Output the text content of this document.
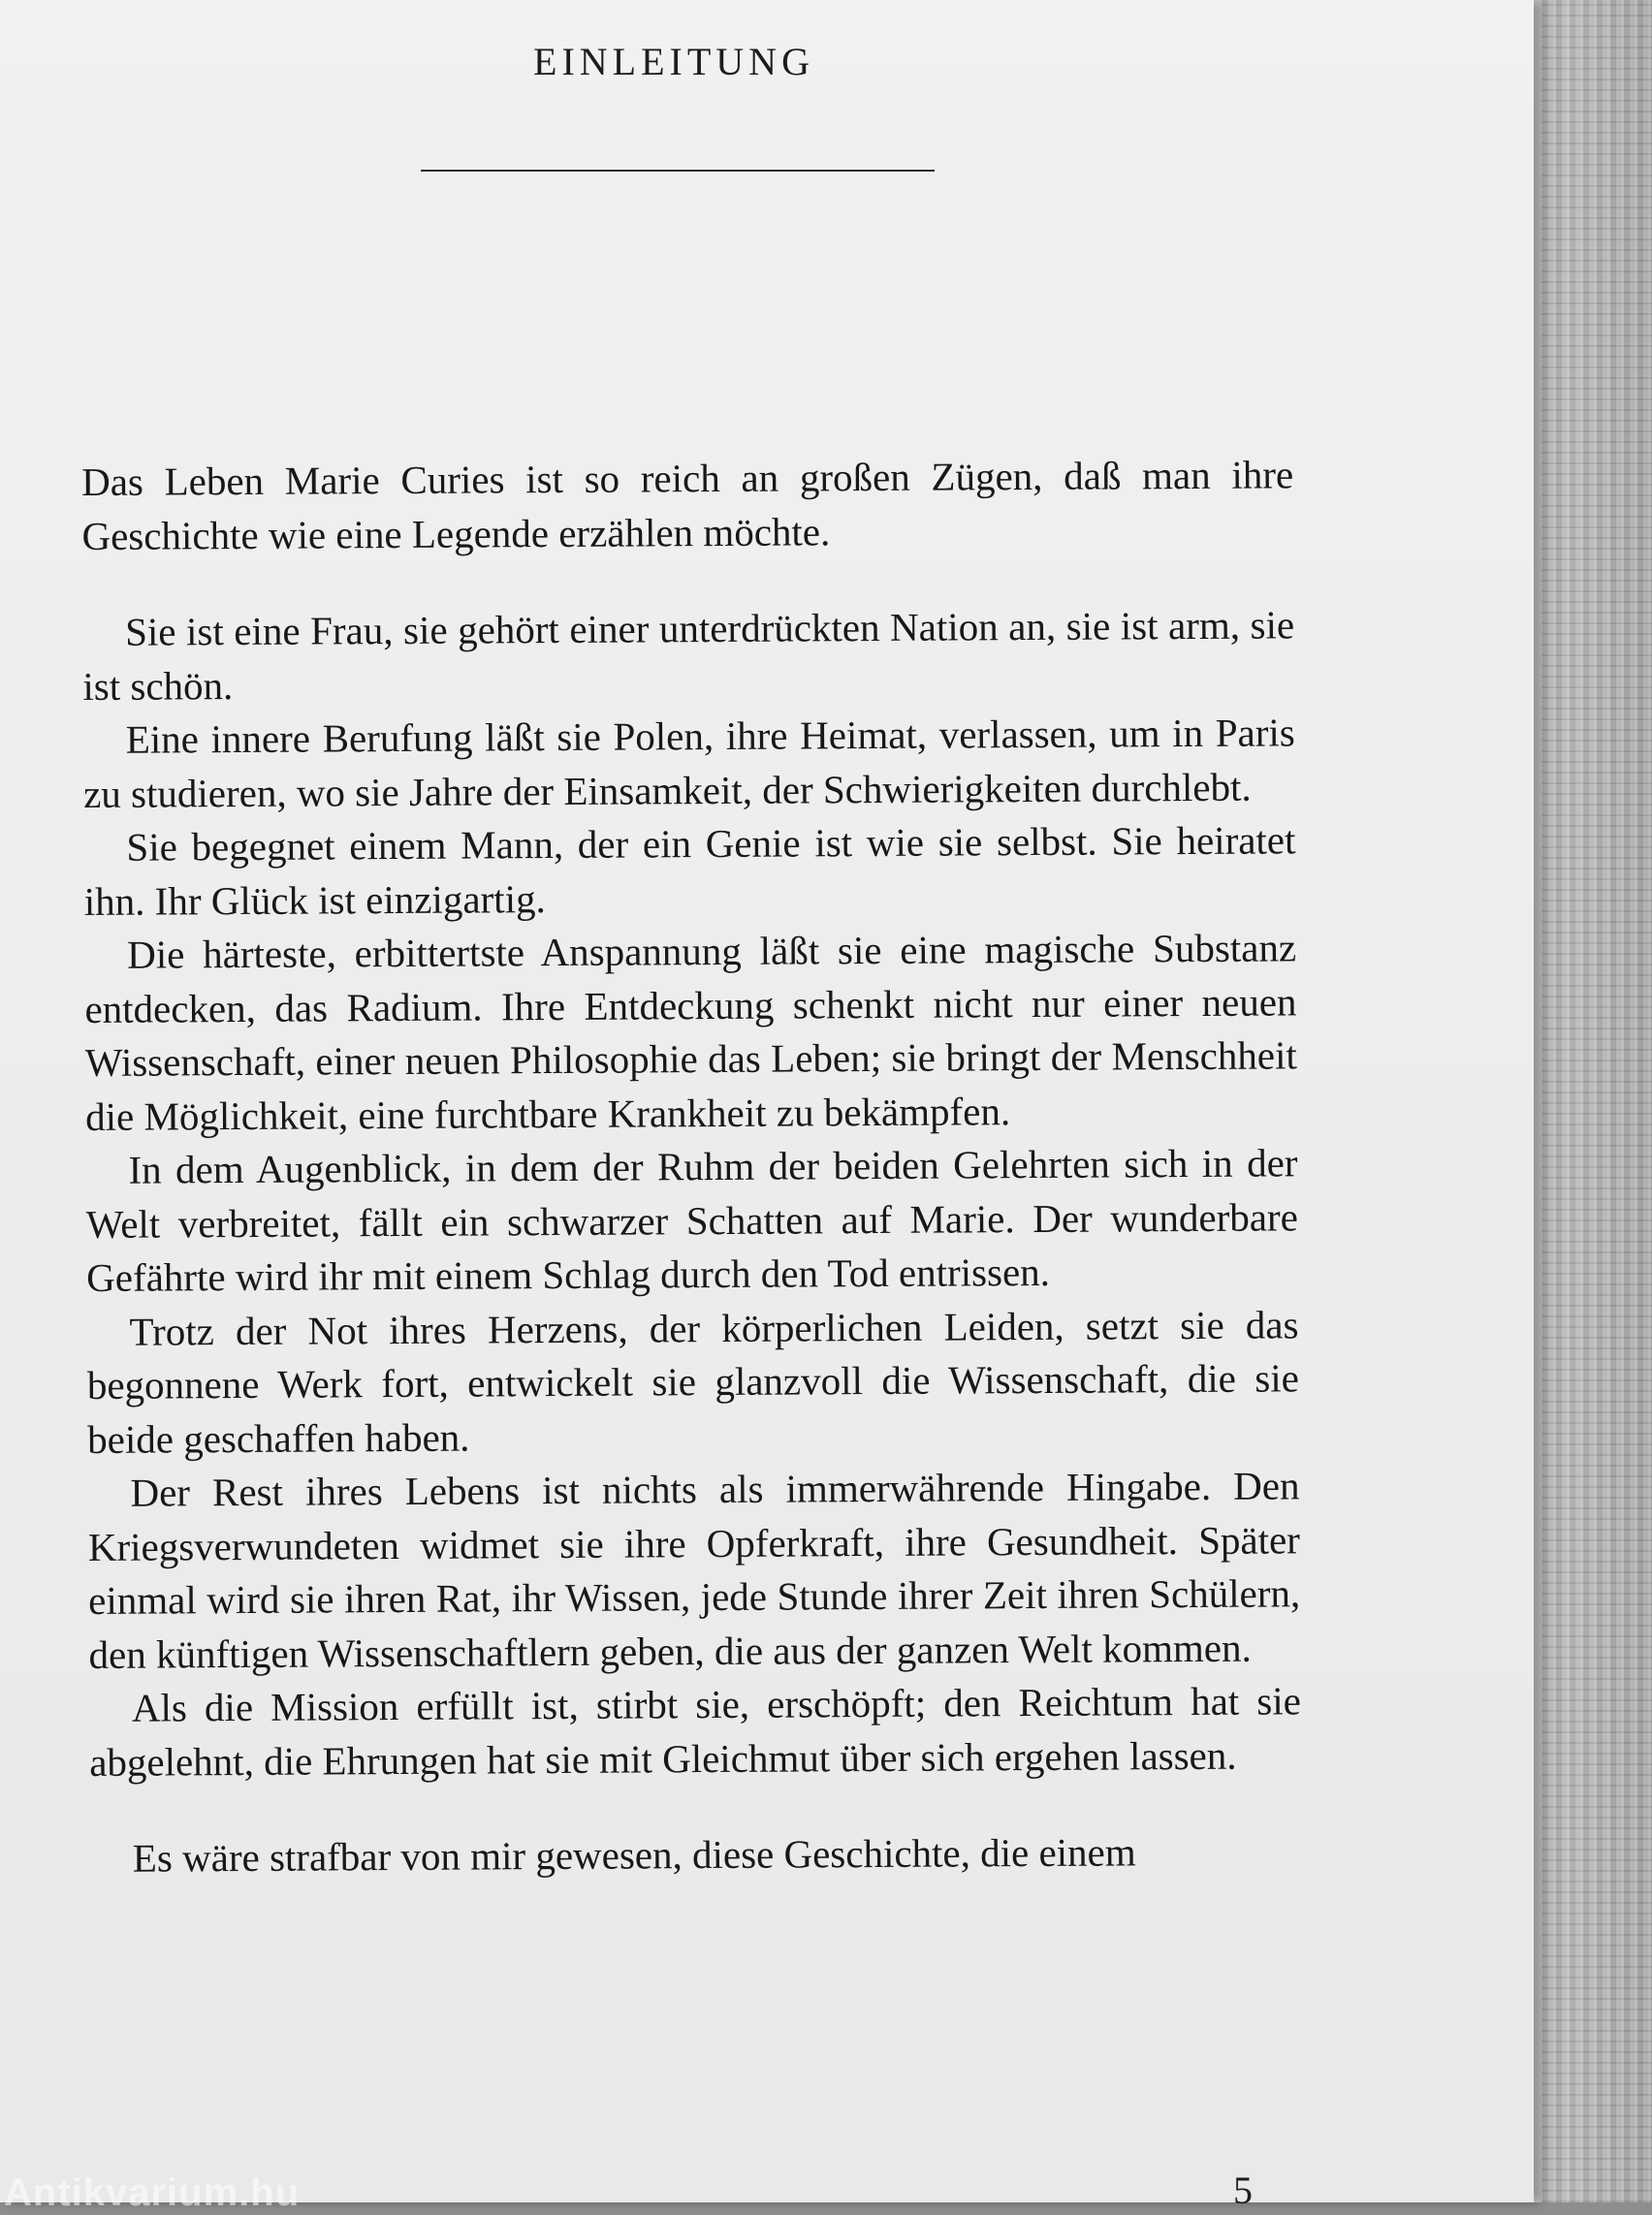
EINLEITUNG

Das Leben Marie Curies ist so reich an großen Zügen, daß man ihre Geschichte wie eine Legende erzählen möchte.

Sie ist eine Frau, sie gehört einer unterdrückten Nation an, sie ist arm, sie ist schön.

Eine innere Berufung läßt sie Polen, ihre Heimat, verlassen, um in Paris zu studieren, wo sie Jahre der Einsamkeit, der Schwierigkeiten durchlebt.

Sie begegnet einem Mann, der ein Genie ist wie sie selbst. Sie heiratet ihn. Ihr Glück ist einzigartig.

Die härteste, erbittertste Anspannung läßt sie eine magische Substanz entdecken, das Radium. Ihre Entdeckung schenkt nicht nur einer neuen Wissenschaft, einer neuen Philosophie das Leben; sie bringt der Menschheit die Möglichkeit, eine furchtbare Krankheit zu bekämpfen.

In dem Augenblick, in dem der Ruhm der beiden Gelehrten sich in der Welt verbreitet, fällt ein schwarzer Schatten auf Marie. Der wunderbare Gefährte wird ihr mit einem Schlag durch den Tod entrissen.

Trotz der Not ihres Herzens, der körperlichen Leiden, setzt sie das begonnene Werk fort, entwickelt sie glanzvoll die Wissenschaft, die sie beide geschaffen haben.

Der Rest ihres Lebens ist nichts als immerwährende Hingabe. Den Kriegsverwundeten widmet sie ihre Opferkraft, ihre Gesundheit. Später einmal wird sie ihren Rat, ihr Wissen, jede Stunde ihrer Zeit ihren Schülern, den künftigen Wissenschaftlern geben, die aus der ganzen Welt kommen.

Als die Mission erfüllt ist, stirbt sie, erschöpft; den Reichtum hat sie abgelehnt, die Ehrungen hat sie mit Gleichmut über sich ergehen lassen.

Es wäre strafbar von mir gewesen, diese Geschichte, die einem

5
Antikvarium.hu
